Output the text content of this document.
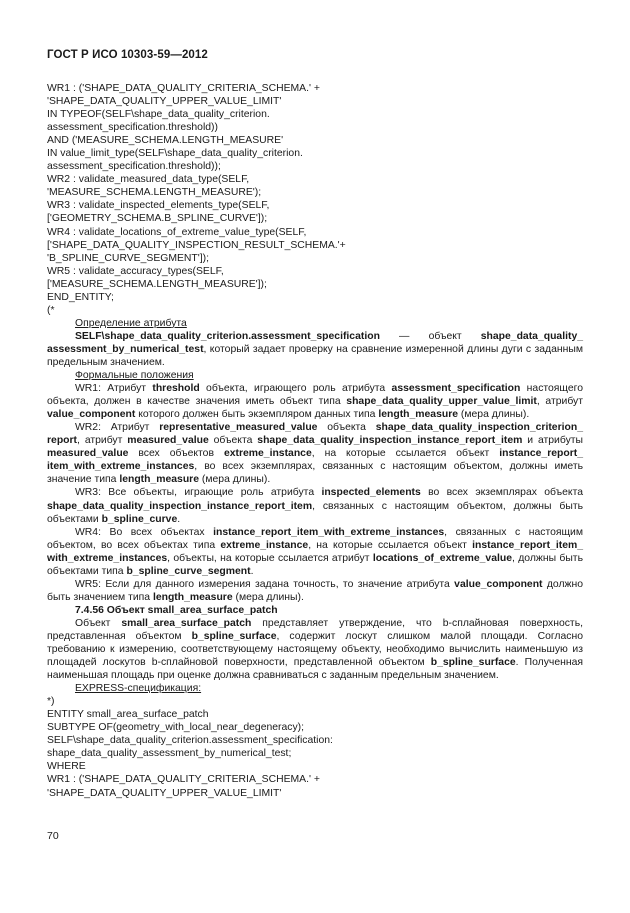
ГОСТ Р ИСО 10303-59—2012
WR1 : ('SHAPE_DATA_QUALITY_CRITERIA_SCHEMA.' +
'SHAPE_DATA_QUALITY_UPPER_VALUE_LIMIT'
IN TYPEOF(SELF\shape_data_quality_criterion.
assessment_specification.threshold))
AND ('MEASURE_SCHEMA.LENGTH_MEASURE'
IN value_limit_type(SELF\shape_data_quality_criterion.
assessment_specification.threshold));
WR2 : validate_measured_data_type(SELF,
'MEASURE_SCHEMA.LENGTH_MEASURE');
WR3 : validate_inspected_elements_type(SELF,
['GEOMETRY_SCHEMA.B_SPLINE_CURVE']);
WR4 : validate_locations_of_extreme_value_type(SELF,
['SHAPE_DATA_QUALITY_INSPECTION_RESULT_SCHEMA.'+
'B_SPLINE_CURVE_SEGMENT']);
WR5 : validate_accuracy_types(SELF,
['MEASURE_SCHEMA.LENGTH_MEASURE']);
END_ENTITY;
(*
Определение атрибута
SELF\shape_data_quality_criterion.assessment_specification — объект shape_data_quality_ assessment_by_numerical_test, который задает проверку на сравнение измеренной длины дуги с заданным предельным значением.
Формальные положения
WR1: Атрибут threshold объекта, играющего роль атрибута assessment_specification настоящего объекта, должен в качестве значения иметь объект типа shape_data_quality_upper_value_limit, атрибут value_component которого должен быть экземпляром данных типа length_measure (мера длины).
WR2: Атрибут representative_measured_value объекта shape_data_quality_inspection_criterion_ report, атрибут measured_value объекта shape_data_quality_inspection_instance_report_item и атрибуты measured_value всех объектов extreme_instance, на которые ссылается объект instance_report_ item_with_extreme_instances, во всех экземплярах, связанных с настоящим объектом, должны иметь значение типа length_measure (мера длины).
WR3: Все объекты, играющие роль атрибута inspected_elements во всех экземплярах объекта shape_data_quality_inspection_instance_report_item, связанных с настоящим объектом, должны быть объектами b_spline_curve.
WR4: Во всех объектах instance_report_item_with_extreme_instances, связанных с настоящим объектом, во всех объектах типа extreme_instance, на которые ссылается объект instance_report_item_ with_extreme_instances, объекты, на которые ссылается атрибут locations_of_extreme_value, должны быть объектами типа b_spline_curve_segment.
WR5: Если для данного измерения задана точность, то значение атрибута value_component должно быть значением типа length_measure (мера длины).
7.4.56 Объект small_area_surface_patch
Объект small_area_surface_patch представляет утверждение, что b-сплайновая поверхность, представленная объектом b_spline_surface, содержит лоскут слишком малой площади. Согласно требованию к измерению, соответствующему настоящему объекту, необходимо вычислить наименьшую из площадей лоскутов b-сплайновой поверхности, представленной объектом b_spline_surface. Полученная наименьшая площадь при оценке должна сравниваться с заданным предельным значением.
EXPRESS-спецификация:
*)
ENTITY small_area_surface_patch
SUBTYPE OF(geometry_with_local_near_degeneracy);
SELF\shape_data_quality_criterion.assessment_specification:
shape_data_quality_assessment_by_numerical_test;
WHERE
WR1 : ('SHAPE_DATA_QUALITY_CRITERIA_SCHEMA.' +
'SHAPE_DATA_QUALITY_UPPER_VALUE_LIMIT'
70
